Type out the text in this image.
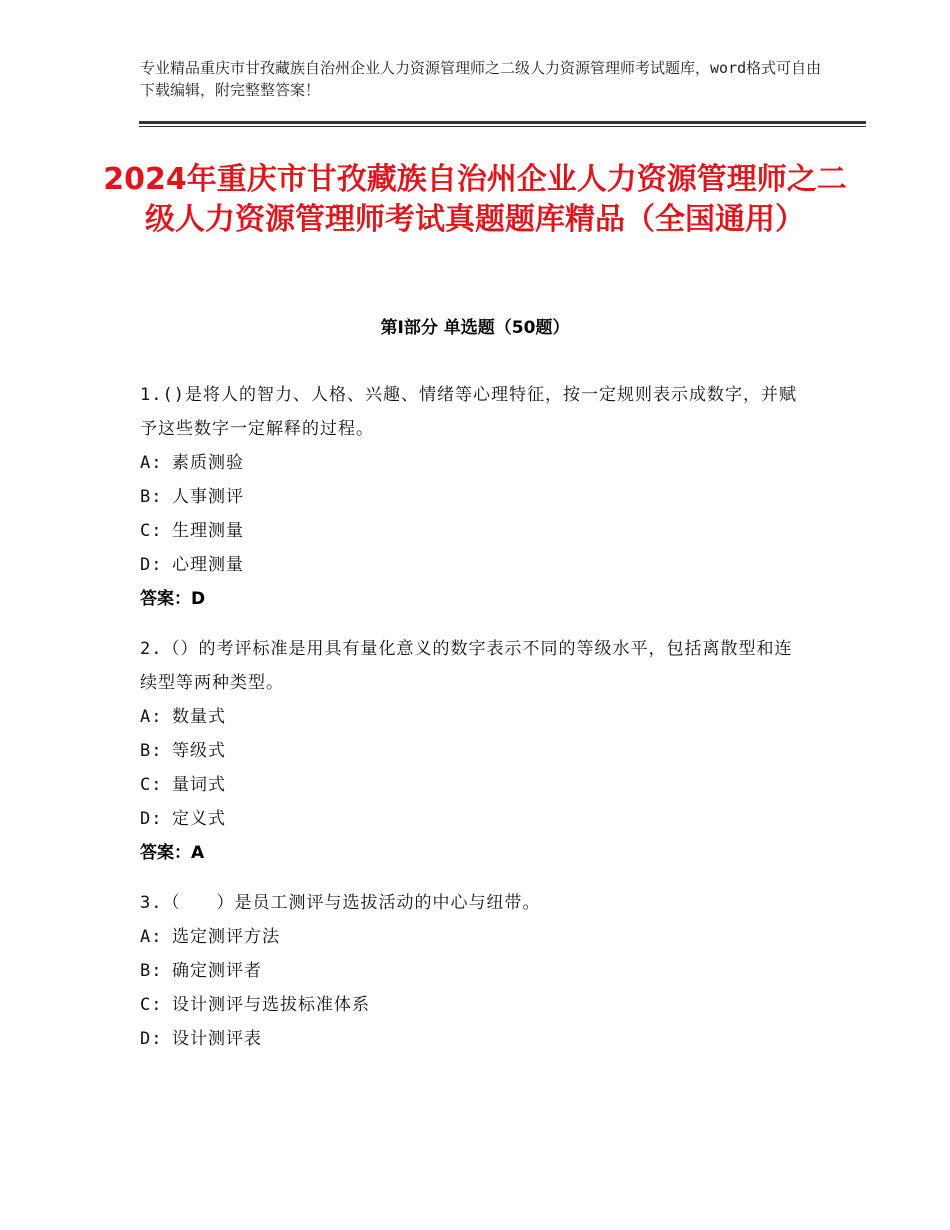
专业精品重庆市甘孜藏族自治州企业人力资源管理师之二级人力资源管理师考试题库，word格式可自由下载编辑，附完整整答案！
2024年重庆市甘孜藏族自治州企业人力资源管理师之二级人力资源管理师考试真题题库精品（全国通用）
第Ⅰ部分 单选题（50题）

1.()是将人的智力、人格、兴趣、情绪等心理特征，按一定规则表示成数字，并赋予这些数字一定解释的过程。

A: 素质测验
B: 人事测评
C: 生理测量
D: 心理测量
答案：D

2.（）的考评标准是用具有量化意义的数字表示不同的等级水平，包括离散型和连续型等两种类型。

A: 数量式
B: 等级式
C: 量词式
D: 定义式
答案：A

3.（　　）是员工测评与选拔活动的中心与纽带。

A: 选定测评方法
B: 确定测评者
C: 设计测评与选拔标准体系
D: 设计测评表
